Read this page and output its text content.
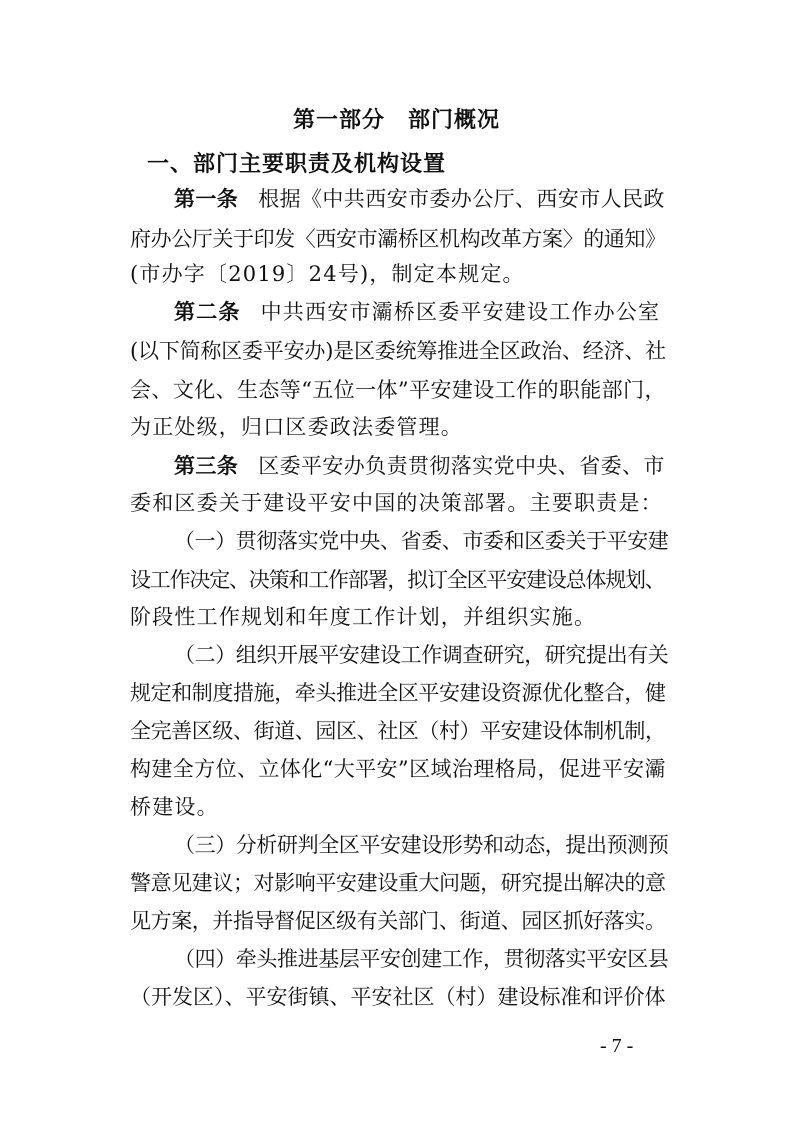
第一部分　部门概况
一、部门主要职责及机构设置
第一条 根据《中共西安市委办公厅、西安市人民政
府办公厅关于印发〈西安市灞桥区机构改革方案〉的通知》
(市办字〔2019〕24号)，制定本规定。
第二条 中共西安市灞桥区委平安建设工作办公室
(以下简称区委平安办)是区委统筹推进全区政治、经济、社
会、文化、生态等“五位一体”平安建设工作的职能部门，
为正处级，归口区委政法委管理。
第三条 区委平安办负责贯彻落实党中央、省委、市
委和区委关于建设平安中国的决策部署。主要职责是：
（一）贯彻落实党中央、省委、市委和区委关于平安建
设工作决定、决策和工作部署，拟订全区平安建设总体规划、
阶段性工作规划和年度工作计划，并组织实施。
（二）组织开展平安建设工作调查研究，研究提出有关
规定和制度措施，牵头推进全区平安建设资源优化整合，健
全完善区级、街道、园区、社区（村）平安建设体制机制，
构建全方位、立体化“大平安”区域治理格局，促进平安灞
桥建设。
（三）分析研判全区平安建设形势和动态，提出预测预
警意见建议；对影响平安建设重大问题，研究提出解决的意
见方案，并指导督促区级有关部门、街道、园区抓好落实。
（四）牵头推进基层平安创建工作，贯彻落实平安区县
（开发区）、平安街镇、平安社区（村）建设标准和评价体
- 7 -
